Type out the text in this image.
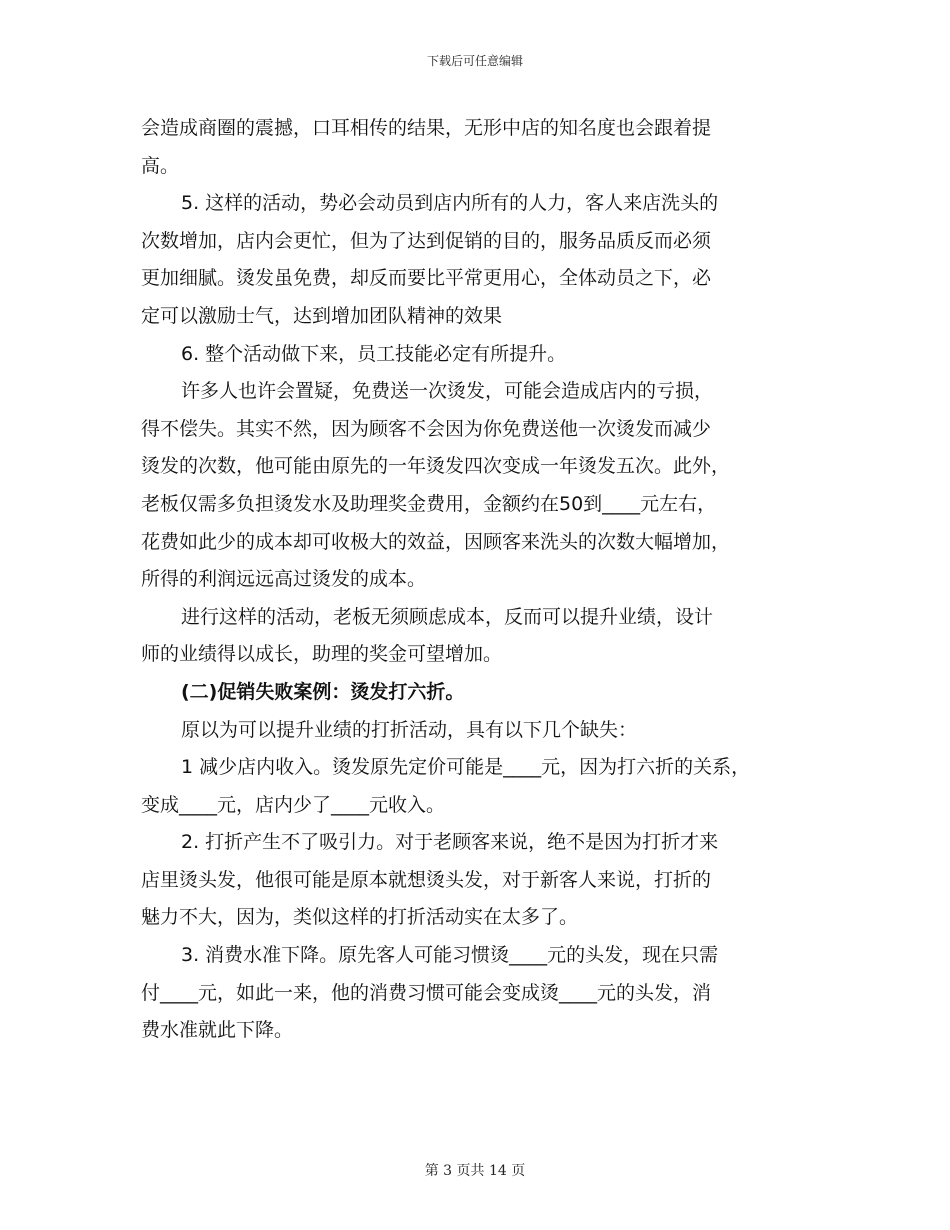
下载后可任意编辑
会造成商圈的震撼，口耳相传的结果，无形中店的知名度也会跟着提
高。
5. 这样的活动，势必会动员到店内所有的人力，客人来店洗头的
次数增加，店内会更忙，但为了达到促销的目的，服务品质反而必须
更加细腻。烫发虽免费，却反而要比平常更用心，全体动员之下，必
定可以激励士气，达到增加团队精神的效果
6. 整个活动做下来，员工技能必定有所提升。
许多人也许会置疑，免费送一次烫发，可能会造成店内的亏损，
得不偿失。其实不然，因为顾客不会因为你免费送他一次烫发而减少
烫发的次数，他可能由原先的一年烫发四次变成一年烫发五次。此外，
老板仅需多负担烫发水及助理奖金费用，金额约在50到____元左右，
花费如此少的成本却可收极大的效益，因顾客来洗头的次数大幅增加，
所得的利润远远高过烫发的成本。
进行这样的活动，老板无须顾虑成本，反而可以提升业绩，设计
师的业绩得以成长，助理的奖金可望增加。
(二)促销失败案例：烫发打六折。
原以为可以提升业绩的打折活动，具有以下几个缺失：
1 减少店内收入。烫发原先定价可能是____元，因为打六折的关系，
变成____元，店内少了____元收入。
2. 打折产生不了吸引力。对于老顾客来说，绝不是因为打折才来
店里烫头发，他很可能是原本就想烫头发，对于新客人来说，打折的
魅力不大，因为，类似这样的打折活动实在太多了。
3. 消费水准下降。原先客人可能习惯烫____元的头发，现在只需
付____元，如此一来，他的消费习惯可能会变成烫____元的头发，消
费水准就此下降。
第 3 页共 14 页
